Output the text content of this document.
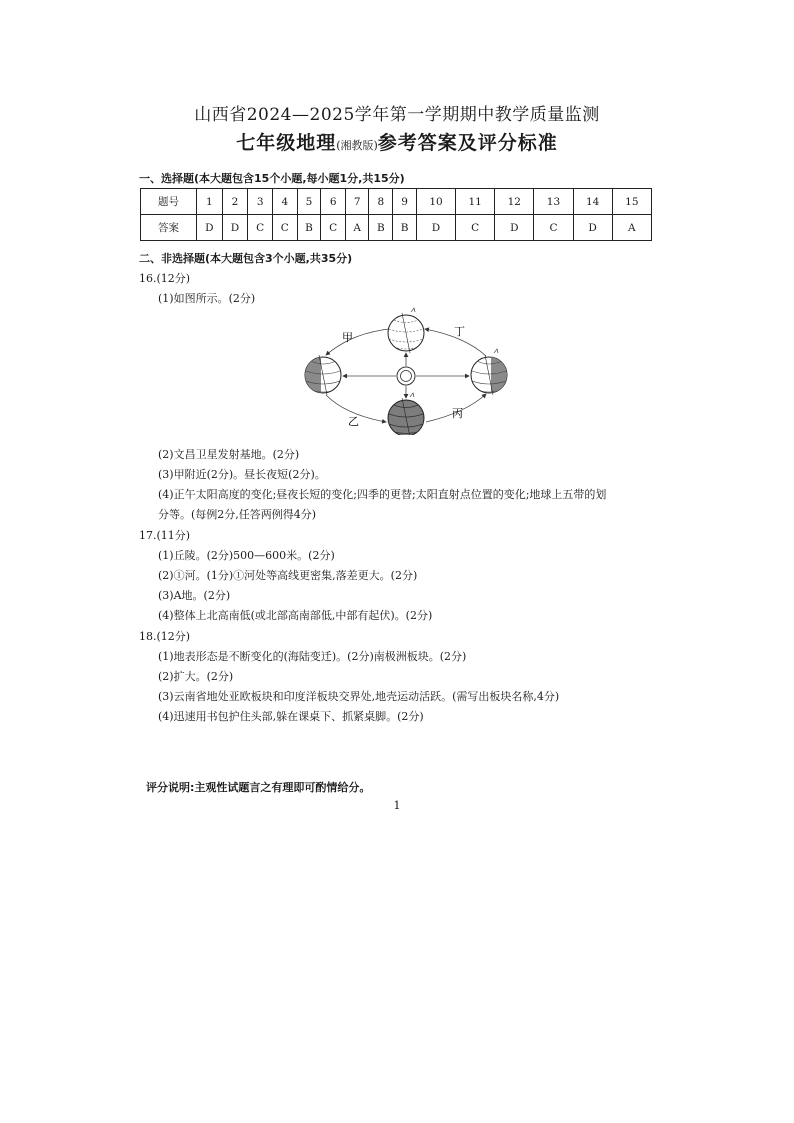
山西省2024—2025学年第一学期期中教学质量监测
七年级地理(湘教版)参考答案及评分标准
一、选择题(本大题包含15个小题,每小题1分,共15分)
题号	1	2	3	4	5	6	7	8	9	10	11	12	13	14	15
答案	D	D	C	C	B	C	A	B	B	D	C	D	C	D	A
二、非选择题(本大题包含3个小题,共35分)
16.(12分)
(1)如图所示。(2分)
甲
乙
丙
丁
(2)文昌卫星发射基地。(2分)
(3)甲附近(2分)。昼长夜短(2分)。
(4)正午太阳高度的变化;昼夜长短的变化;四季的更替;太阳直射点位置的变化;地球上五带的划
分等。(每例2分,任答两例得4分)
17.(11分)
(1)丘陵。(2分)500—600米。(2分)
(2)①河。(1分)①河处等高线更密集,落差更大。(2分)
(3)A地。(2分)
(4)整体上北高南低(或北部高南部低,中部有起伏)。(2分)
18.(12分)
(1)地表形态是不断变化的(海陆变迁)。(2分)南极洲板块。(2分)
(2)扩大。(2分)
(3)云南省地处亚欧板块和印度洋板块交界处,地壳运动活跃。(需写出板块名称,4分)
(4)迅速用书包护住头部,躲在课桌下、抓紧桌脚。(2分)
评分说明:主观性试题言之有理即可酌情给分。
1
